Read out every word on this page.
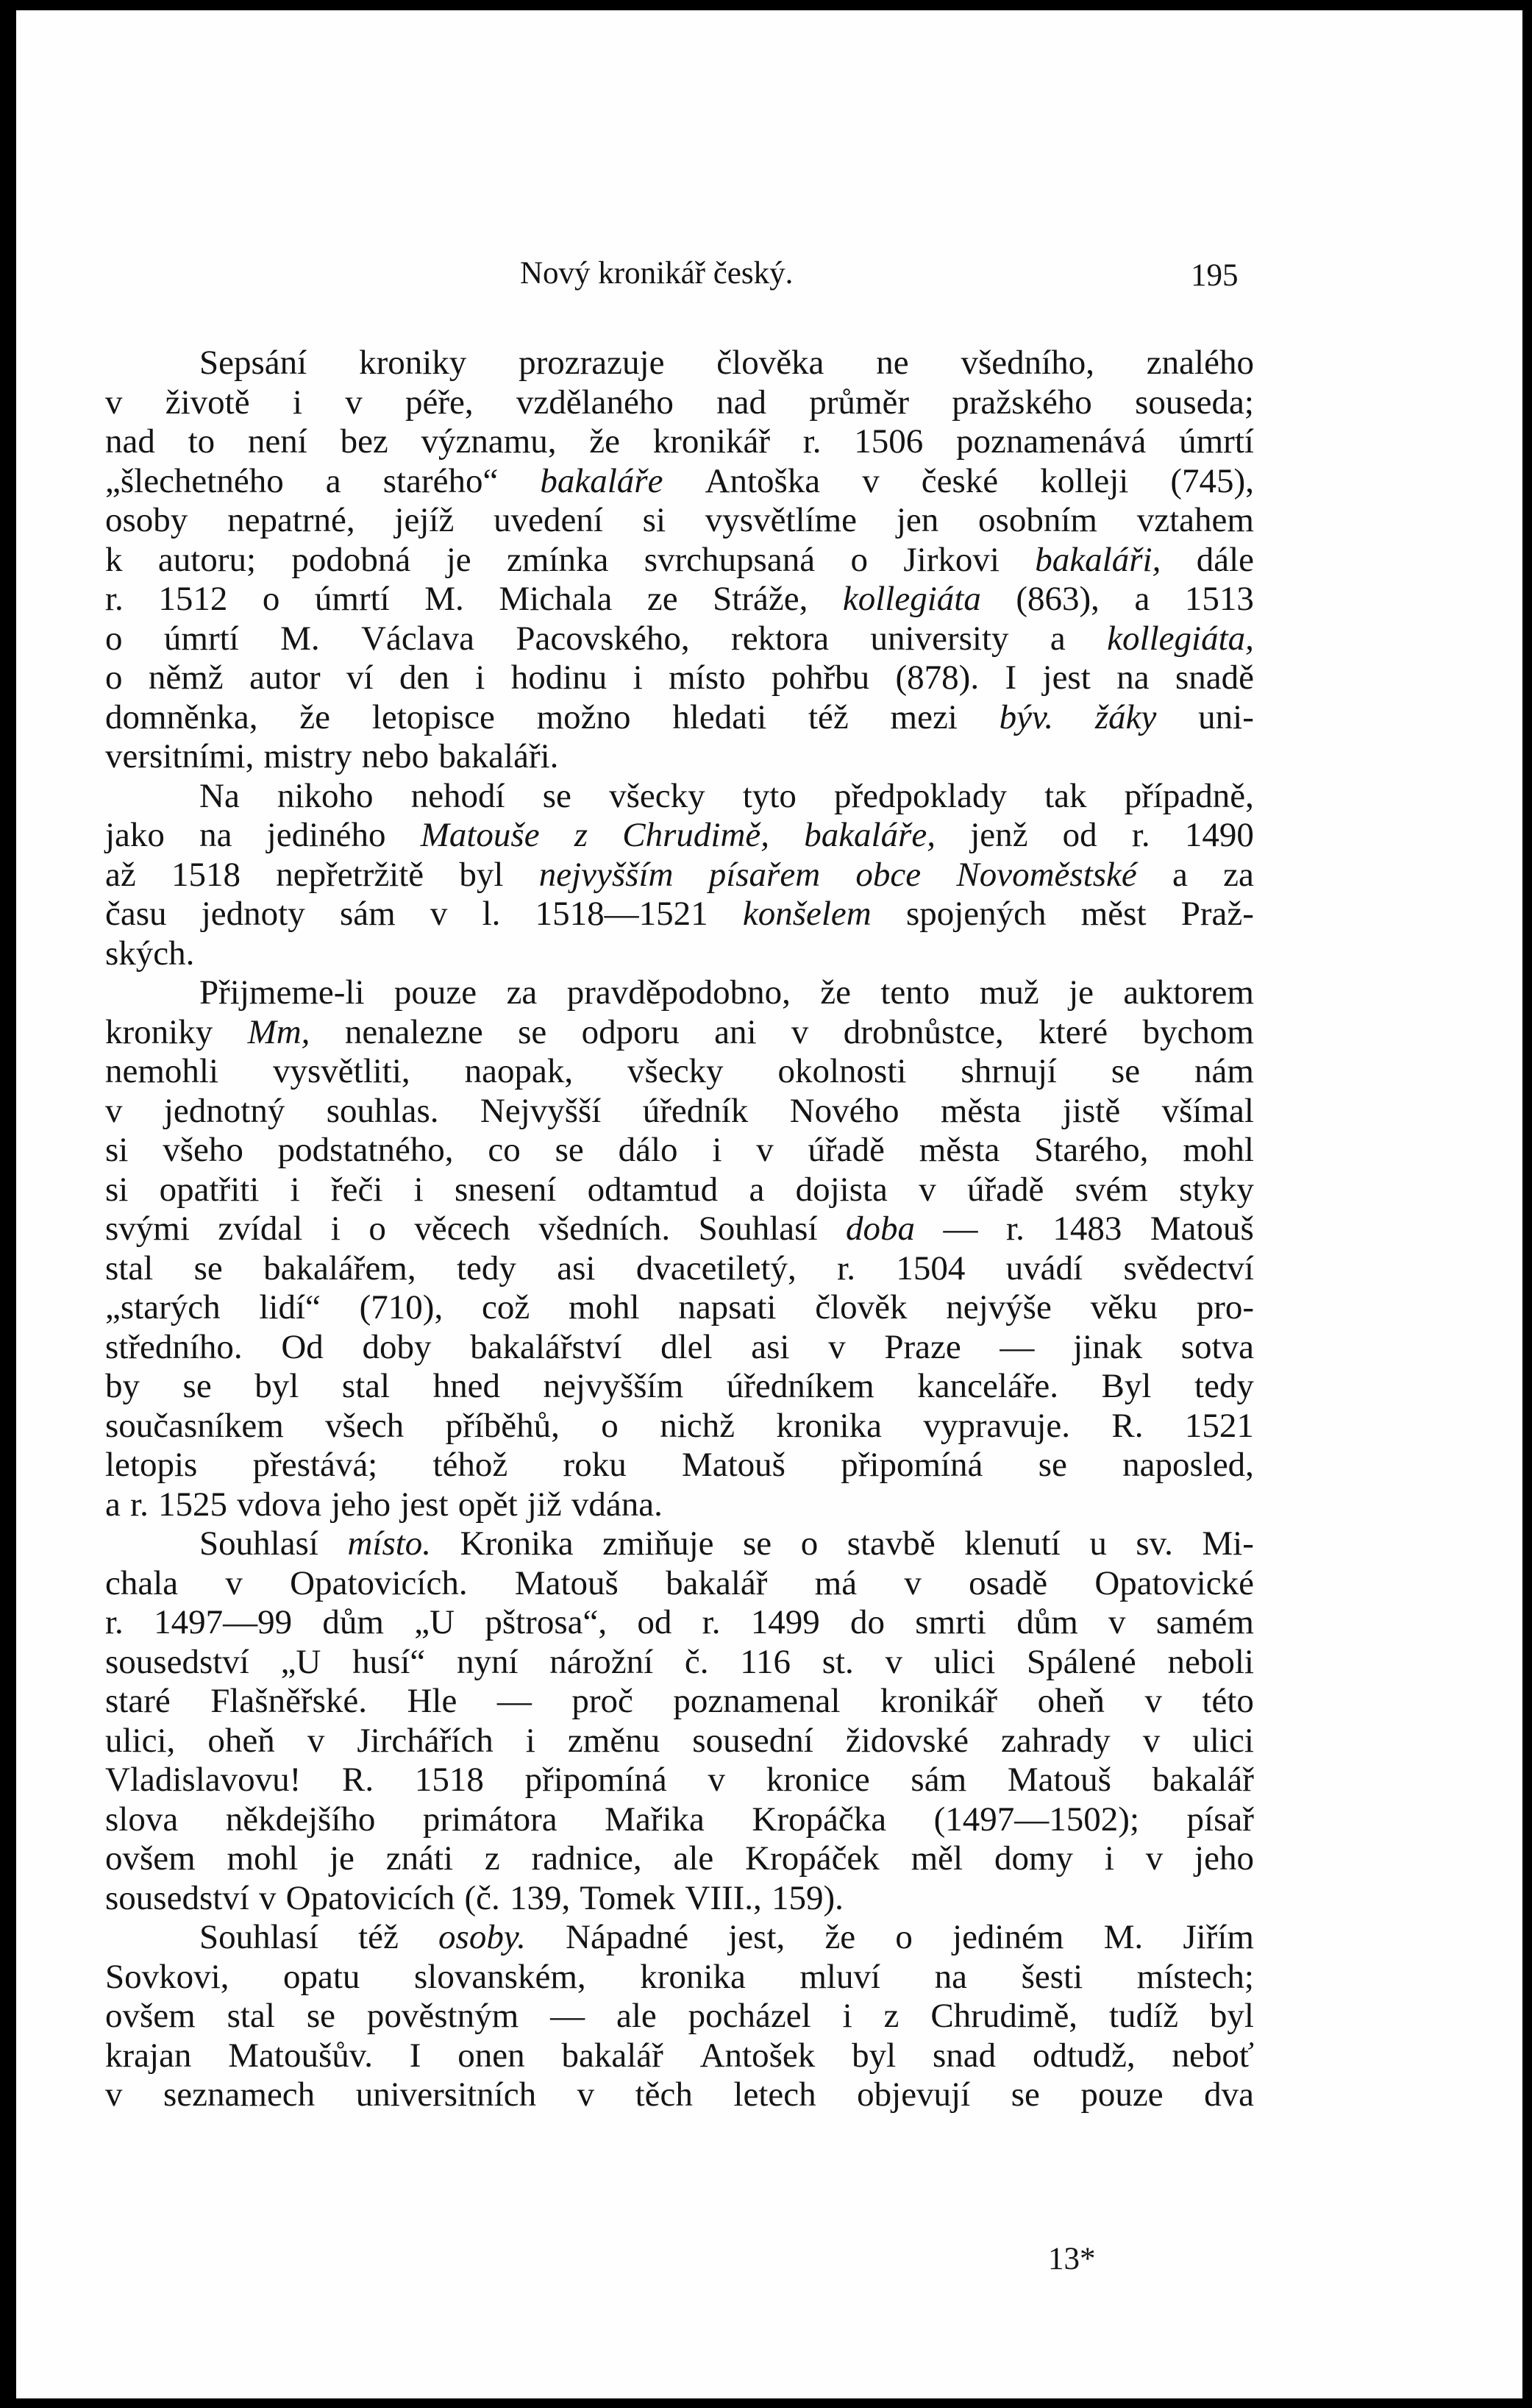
Nový kronikář český.	195
Sepsání kroniky prozrazuje člověka ne všedního, znalého
v životě i v péře, vzdělaného nad průměr pražského souseda;
nad to není bez významu, že kronikář r. 1506 poznamenává úmrtí
„šlechetného a starého“ bakaláře Antoška v české kolleji (745),
osoby nepatrné, jejíž uvedení si vysvětlíme jen osobním vztahem
k autoru; podobná je zmínka svrchupsaná o Jirkovi bakaláři, dále
r. 1512 o úmrtí M. Michala ze Stráže, kollegiáta (863), a 1513
o úmrtí M. Václava Pacovského, rektora university a kollegiáta,
o němž autor ví den i hodinu i místo pohřbu (878). I jest na snadě
domněnka, že letopisce možno hledati též mezi býv. žáky uni-
versitními, mistry nebo bakaláři.
Na nikoho nehodí se všecky tyto předpoklady tak případně,
jako na jediného Matouše z Chrudimě, bakaláře, jenž od r. 1490
až 1518 nepřetržitě byl nejvyšším písařem obce Novoměstské a za
času jednoty sám v l. 1518—1521 konšelem spojených měst Praž-
ských.
Přijmeme-li pouze za pravděpodobno, že tento muž je auktorem
kroniky Mm, nenalezne se odporu ani v drobnůstce, které bychom
nemohli vysvětliti, naopak, všecky okolnosti shrnují se nám
v jednotný souhlas. Nejvyšší úředník Nového města jistě všímal
si všeho podstatného, co se dálo i v úřadě města Starého, mohl
si opatřiti i řeči i snesení odtamtud a dojista v úřadě svém styky
svými zvídal i o věcech všedních. Souhlasí doba — r. 1483 Matouš
stal se bakalářem, tedy asi dvacetiletý, r. 1504 uvádí svědectví
„starých lidí“ (710), což mohl napsati člověk nejvýše věku pro-
středního. Od doby bakalářství dlel asi v Praze — jinak sotva
by se byl stal hned nejvyšším úředníkem kanceláře. Byl tedy
současníkem všech příběhů, o nichž kronika vypravuje. R. 1521
letopis přestává; téhož roku Matouš připomíná se naposled,
a r. 1525 vdova jeho jest opět již vdána.
Souhlasí místo. Kronika zmiňuje se o stavbě klenutí u sv. Mi-
chala v Opatovicích. Matouš bakalář má v osadě Opatovické
r. 1497—99 dům „U pštrosa“, od r. 1499 do smrti dům v samém
sousedství „U husí“ nyní nárožní č. 116 st. v ulici Spálené neboli
staré Flašněřské. Hle — proč poznamenal kronikář oheň v této
ulici, oheň v Jirchářích i změnu sousední židovské zahrady v ulici
Vladislavovu! R. 1518 připomíná v kronice sám Matouš bakalář
slova někdejšího primátora Mařika Kropáčka (1497—1502); písař
ovšem mohl je znáti z radnice, ale Kropáček měl domy i v jeho
sousedství v Opatovicích (č. 139, Tomek VIII., 159).
Souhlasí též osoby. Nápadné jest, že o jediném M. Jiřím
Sovkovi, opatu slovanském, kronika mluví na šesti místech;
ovšem stal se pověstným — ale pocházel i z Chrudimě, tudíž byl
krajan Matoušův. I onen bakalář Antošek byl snad odtudž, neboť
v seznamech universitních v těch letech objevují se pouze dva
13*
